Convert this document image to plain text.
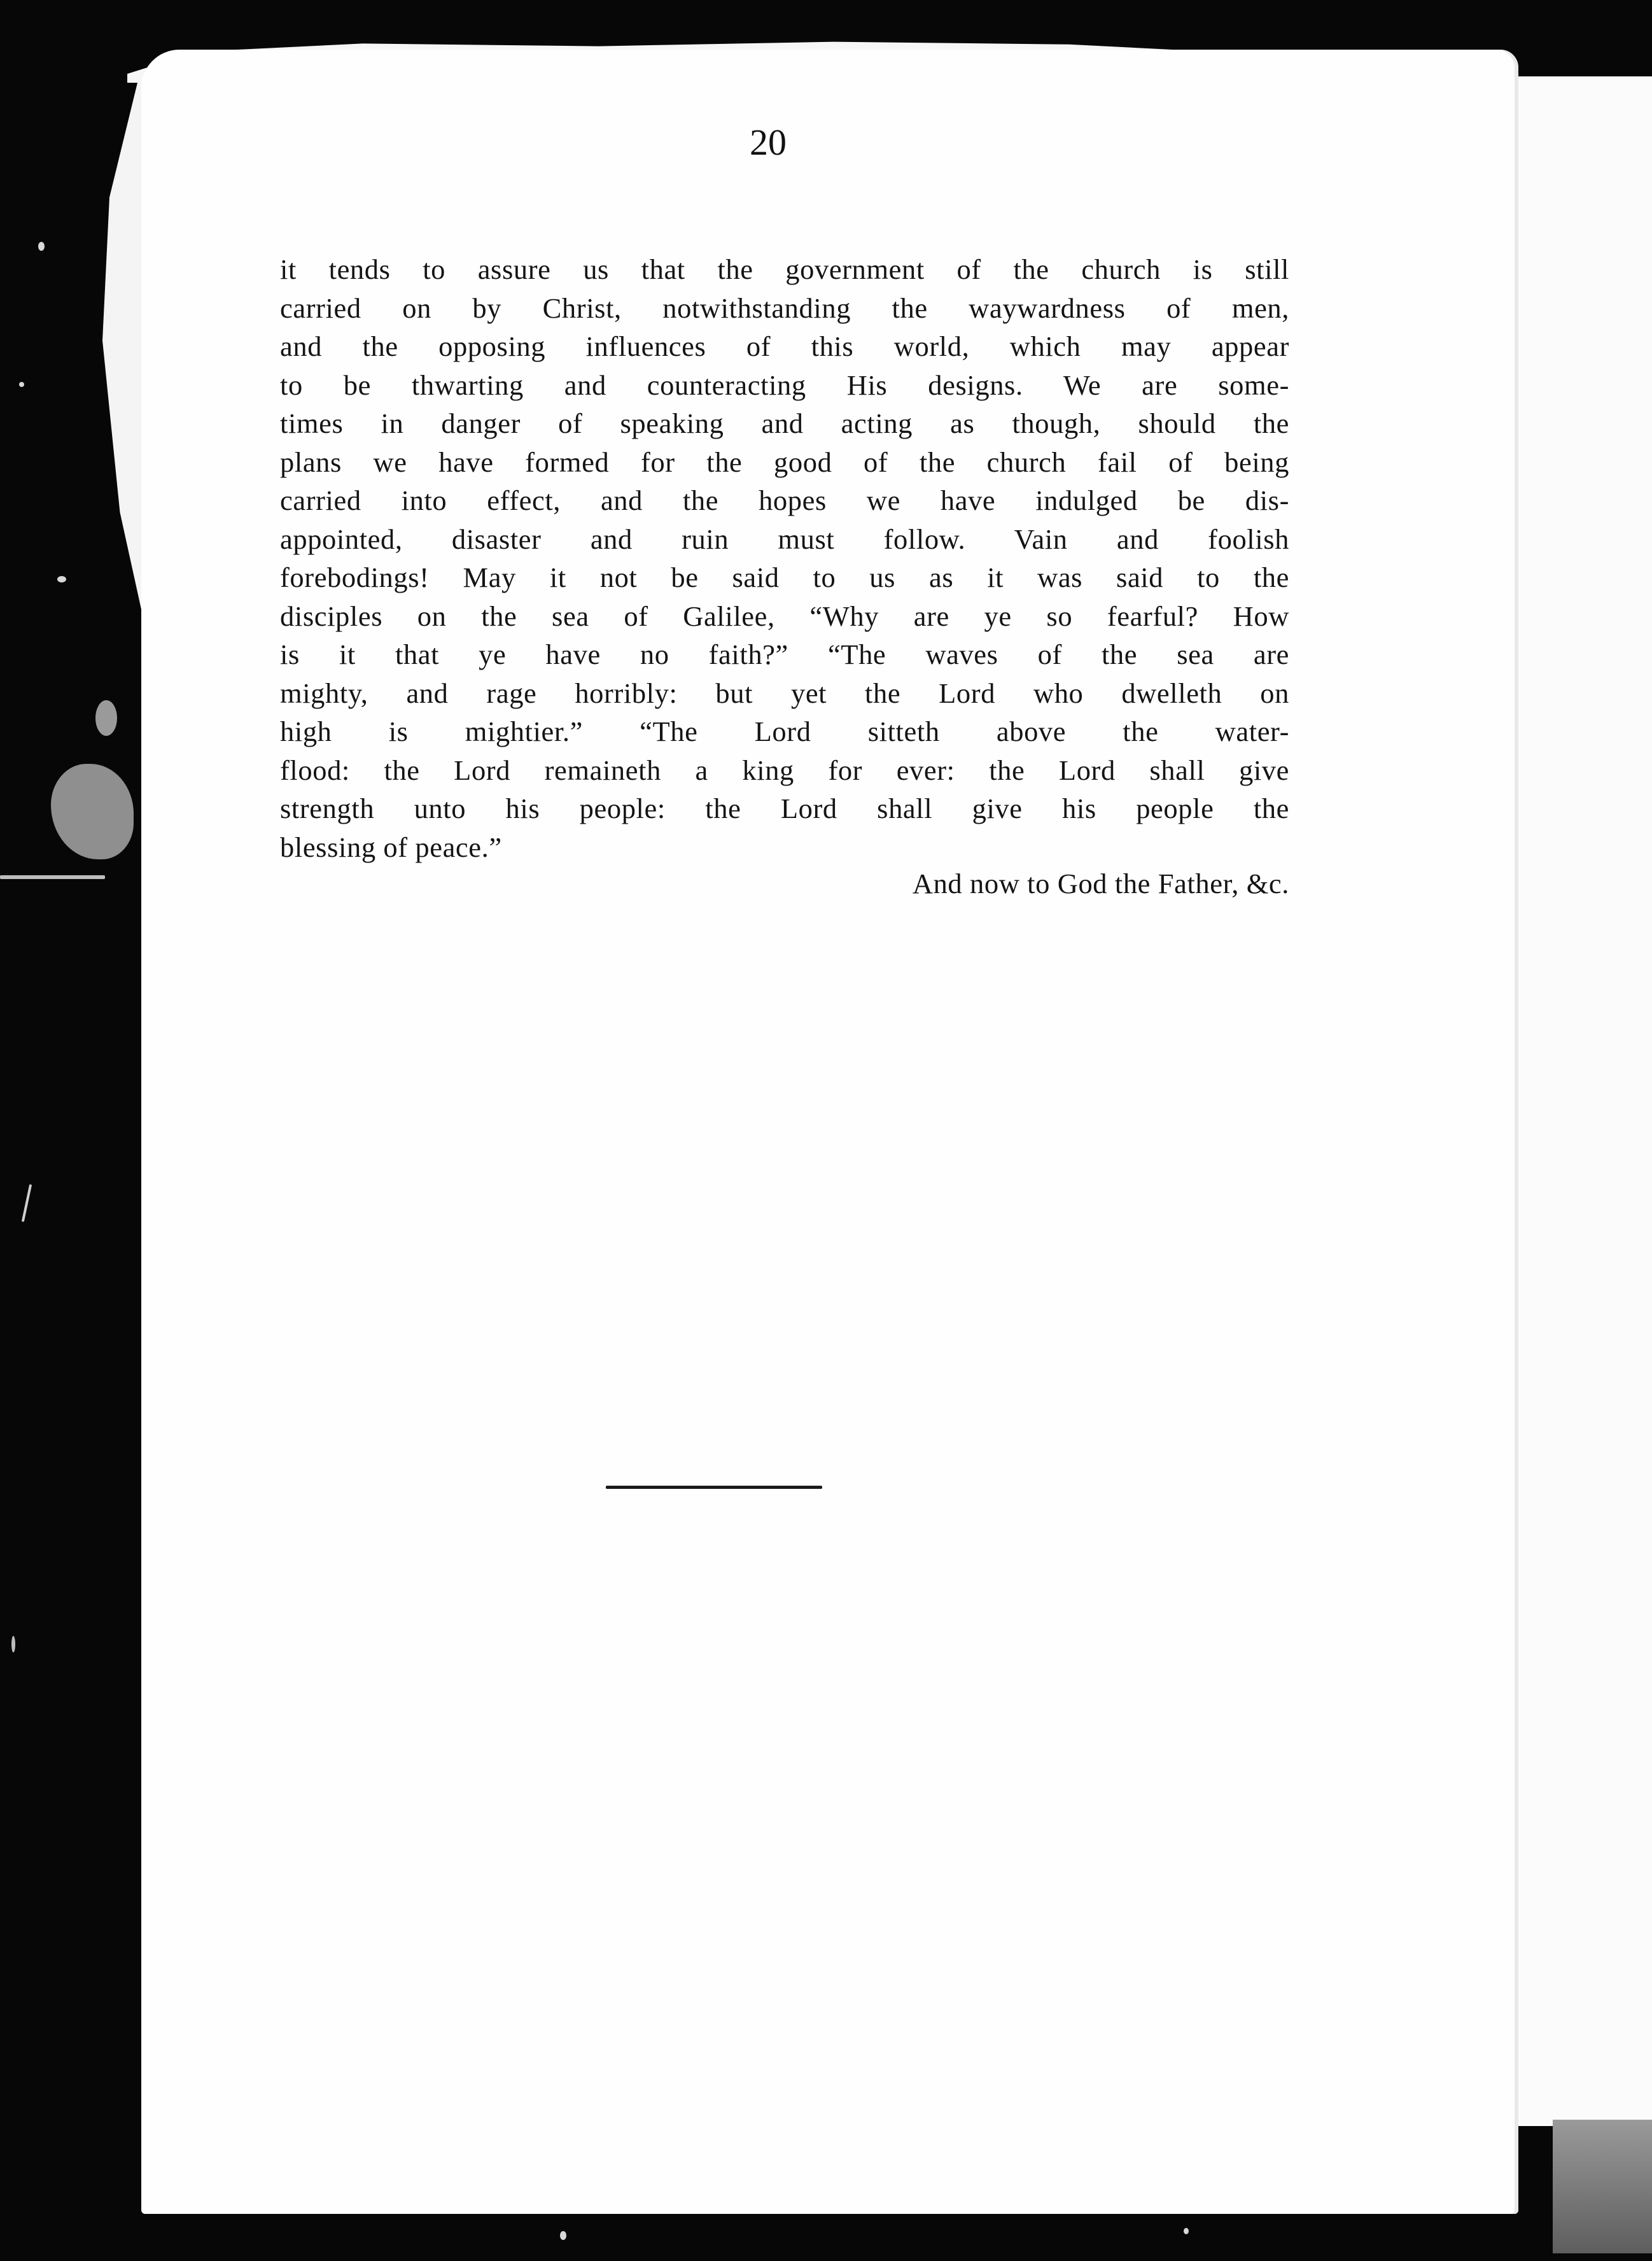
20
it tends to assure us that the government of the church is still
carried on by Christ, notwithstanding the waywardness of men,
and the opposing influences of this world, which may appear
to be thwarting and counteracting His designs. We are some-
times in danger of speaking and acting as though, should the
plans we have formed for the good of the church fail of being
carried into effect, and the hopes we have indulged be dis-
appointed, disaster and ruin must follow. Vain and foolish
forebodings! May it not be said to us as it was said to the
disciples on the sea of Galilee, “Why are ye so fearful? How
is it that ye have no faith?” “The waves of the sea are
mighty, and rage horribly: but yet the Lord who dwelleth on
high is mightier.” “The Lord sitteth above the water-
flood: the Lord remaineth a king for ever: the Lord shall give
strength unto his people: the Lord shall give his people the
blessing of peace.”
And now to God the Father, &c.
